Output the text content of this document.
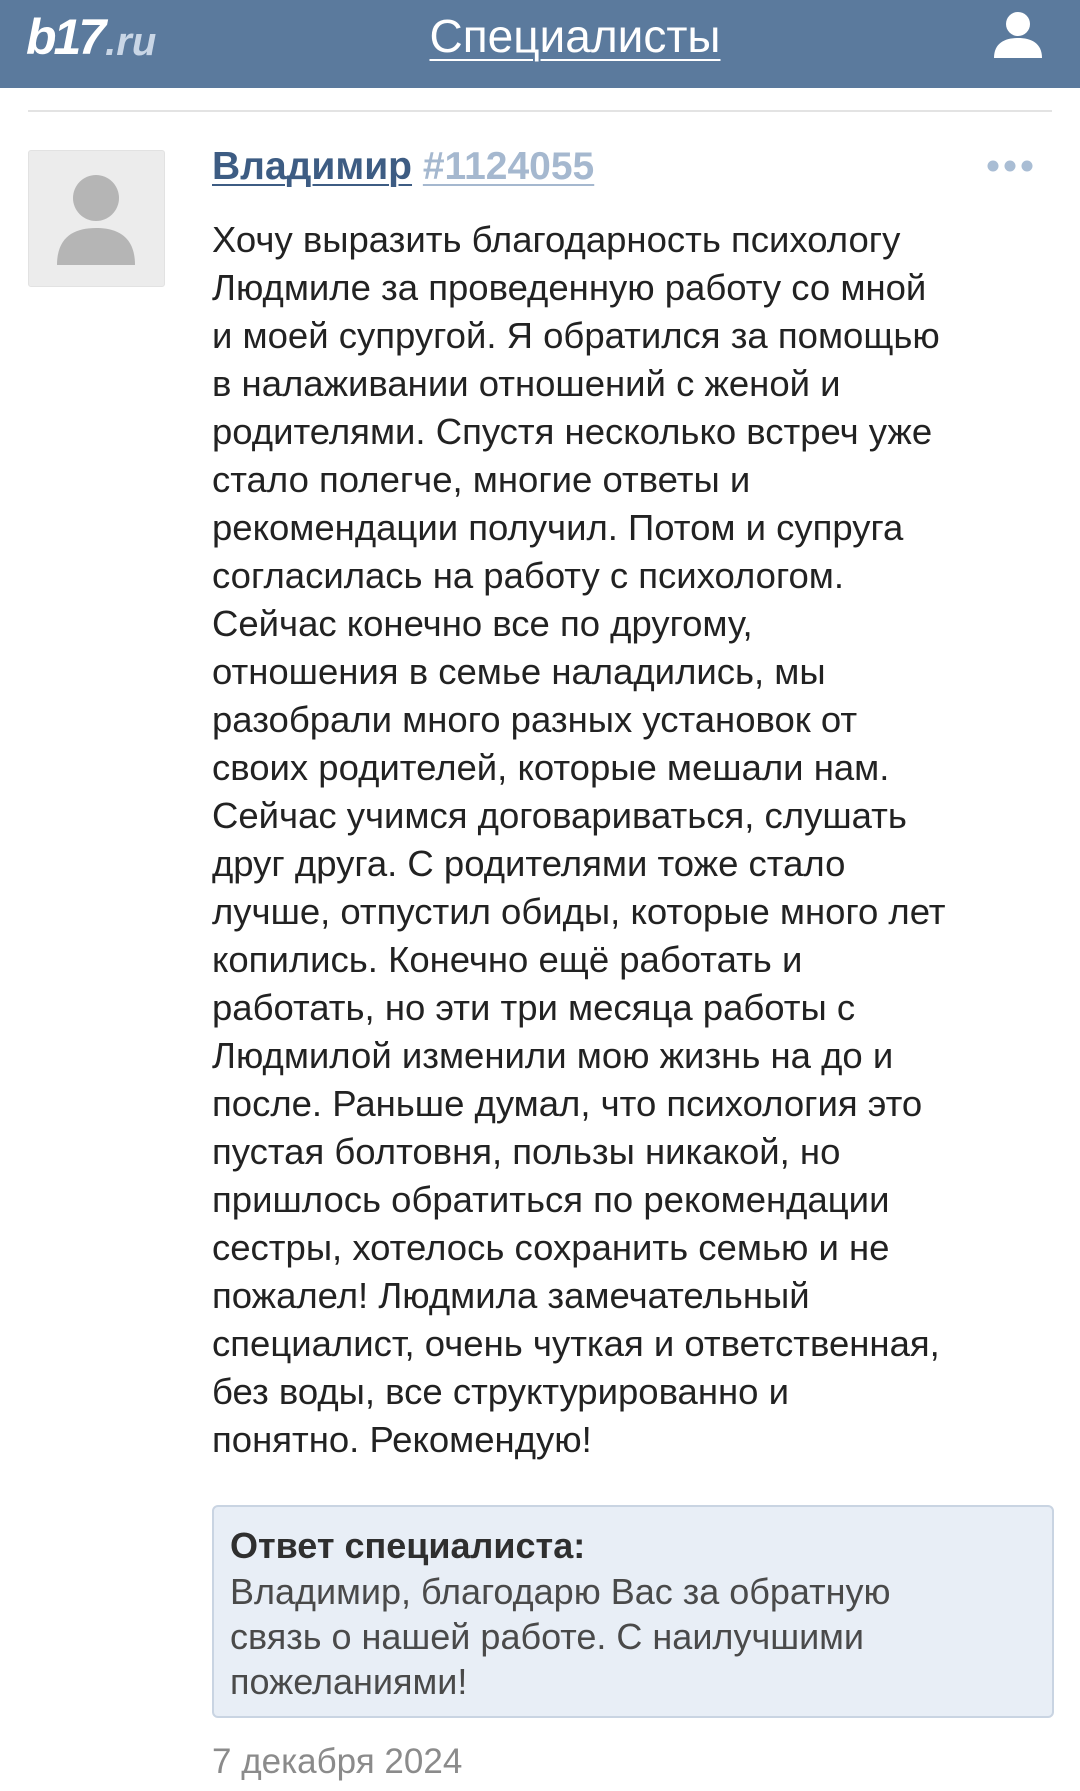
b17 .ru	Специалисты
Владимир #1124055

Хочу выразить благодарность психологу
Людмиле за проведенную работу со мной
и моей супругой. Я обратился за помощью
в налаживании отношений с женой и
родителями. Спустя несколько встреч уже
стало полегче, многие ответы и
рекомендации получил. Потом и супруга
согласилась на работу с психологом.
Сейчас конечно все по другому,
отношения в семье наладились, мы
разобрали много разных установок от
своих родителей, которые мешали нам.
Сейчас учимся договариваться, слушать
друг друга. С родителями тоже стало
лучше, отпустил обиды, которые много лет
копились. Конечно ещё работать и
работать, но эти три месяца работы с
Людмилой изменили мою жизнь на до и
после. Раньше думал, что психология это
пустая болтовня, пользы никакой, но
пришлось обратиться по рекомендации
сестры, хотелось сохранить семью и не
пожалел! Людмила замечательный
специалист, очень чуткая и ответственная,
без воды, все структурированно и
понятно. Рекомендую!

Ответ специалиста:
Владимир, благодарю Вас за обратную
связь о нашей работе. С наилучшими
пожеланиями!
7 декабря 2024
